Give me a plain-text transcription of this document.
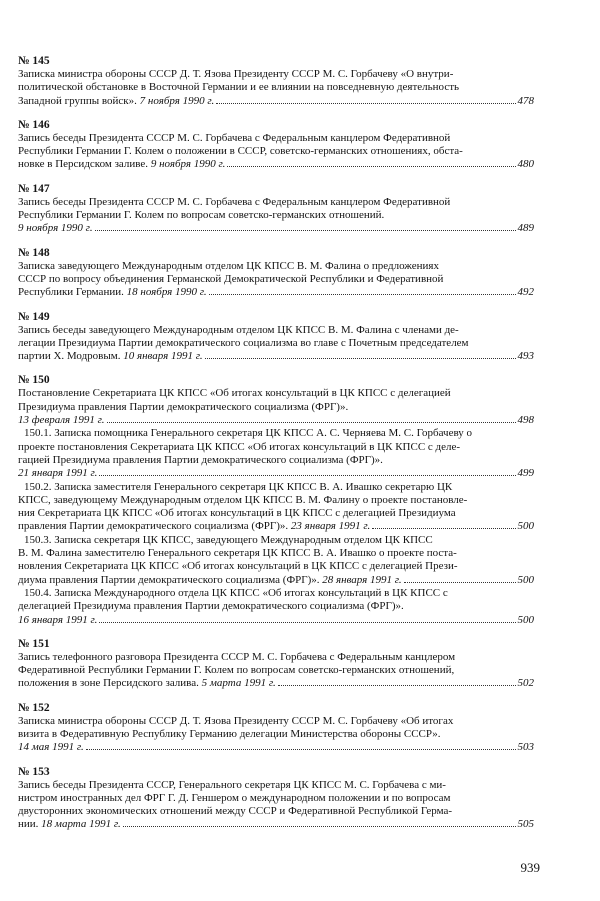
№ 145

Записка министра обороны СССР Д. Т. Язова Президенту СССР М. С. Горбачеву «О внутри-

политической обстановке в Восточной Германии и ее влиянии на повседневную деятельность

Западной группы войск».
7 ноября 1990 г.	478
№ 146

Запись беседы Президента СССР М. С. Горбачева с Федеральным канцлером Федеративной

Республики Германии Г. Колем о положении в СССР, советско-германских отношениях, обста-

новке в Персидском заливе.
9 ноября 1990 г.	480
№ 147

Запись беседы Президента СССР М. С. Горбачева с Федеральным канцлером Федеративной

Республики Германии Г. Колем по вопросам советско-германских отношений.

9 ноября 1990 г.	489
№ 148

Записка заведующего Международным отделом ЦК КПСС В. М. Фалина о предложениях

СССР по вопросу объединения Германской Демократической Республики и Федеративной

Республики Германии.
18 ноября 1990 г.	492
№ 149

Запись беседы заведующего Международным отделом ЦК КПСС В. М. Фалина с членами де-

легации Президиума Партии демократического социализма во главе с Почетным председателем

партии Х. Модровым.
10 января 1991 г.	493
№ 150

Постановление Секретариата ЦК КПСС «Об итогах консультаций в ЦК КПСС с делегацией

Президиума правления Партии демократического социализма (ФРГ)».

13 февраля 1991 г.	498

150.1. Записка помощника Генерального секретаря ЦК КПСС А. С. Черняева М. С. Горбачеву о

проекте постановления Секретариата ЦК КПСС «Об итогах консультаций в ЦК КПСС с деле-

гацией Президиума правления Партии демократического социализма (ФРГ)».

21 января 1991 г.	499

150.2. Записка заместителя Генерального секретаря ЦК КПСС В. А. Ивашко секретарю ЦК

КПСС, заведующему Международным отделом ЦК КПСС В. М. Фалину о проекте постановле-

ния Секретариата ЦК КПСС «Об итогах консультаций в ЦК КПСС с делегацией Президиума

правления Партии демократического социализма (ФРГ)».
23 января 1991 г.	500

150.3. Записка секретаря ЦК КПСС, заведующего Международным отделом ЦК КПСС

В. М. Фалина заместителю Генерального секретаря ЦК КПСС В. А. Ивашко о проекте поста-

новления Секретариата ЦК КПСС «Об итогах консультаций в ЦК КПСС с делегацией Прези-

диума правления Партии демократического социализма (ФРГ)».
28 января 1991 г.	500

150.4. Записка Международного отдела ЦК КПСС «Об итогах консультаций в ЦК КПСС с

делегацией Президиума правления Партии демократического социализма (ФРГ)».

16 января 1991 г.	500
№ 151

Запись телефонного разговора Президента СССР М. С. Горбачева с Федеральным канцлером

Федеративной Республики Германии Г. Колем по вопросам советско-германских отношений,

положения в зоне Персидского залива.
5 марта 1991 г.	502
№ 152

Записка министра обороны СССР Д. Т. Язова Президенту СССР М. С. Горбачеву «Об итогах

визита в Федеративную Республику Германию делегации Министерства обороны СССР».

14 мая 1991 г.	503
№ 153

Запись беседы Президента СССР, Генерального секретаря ЦК КПСС М. С. Горбачева с ми-

нистром иностранных дел ФРГ Г. Д. Геншером о международном положении и по вопросам

двусторонних экономических отношений между СССР и Федеративной Республикой Герма-

нии.
18 марта 1991 г.	505
939
